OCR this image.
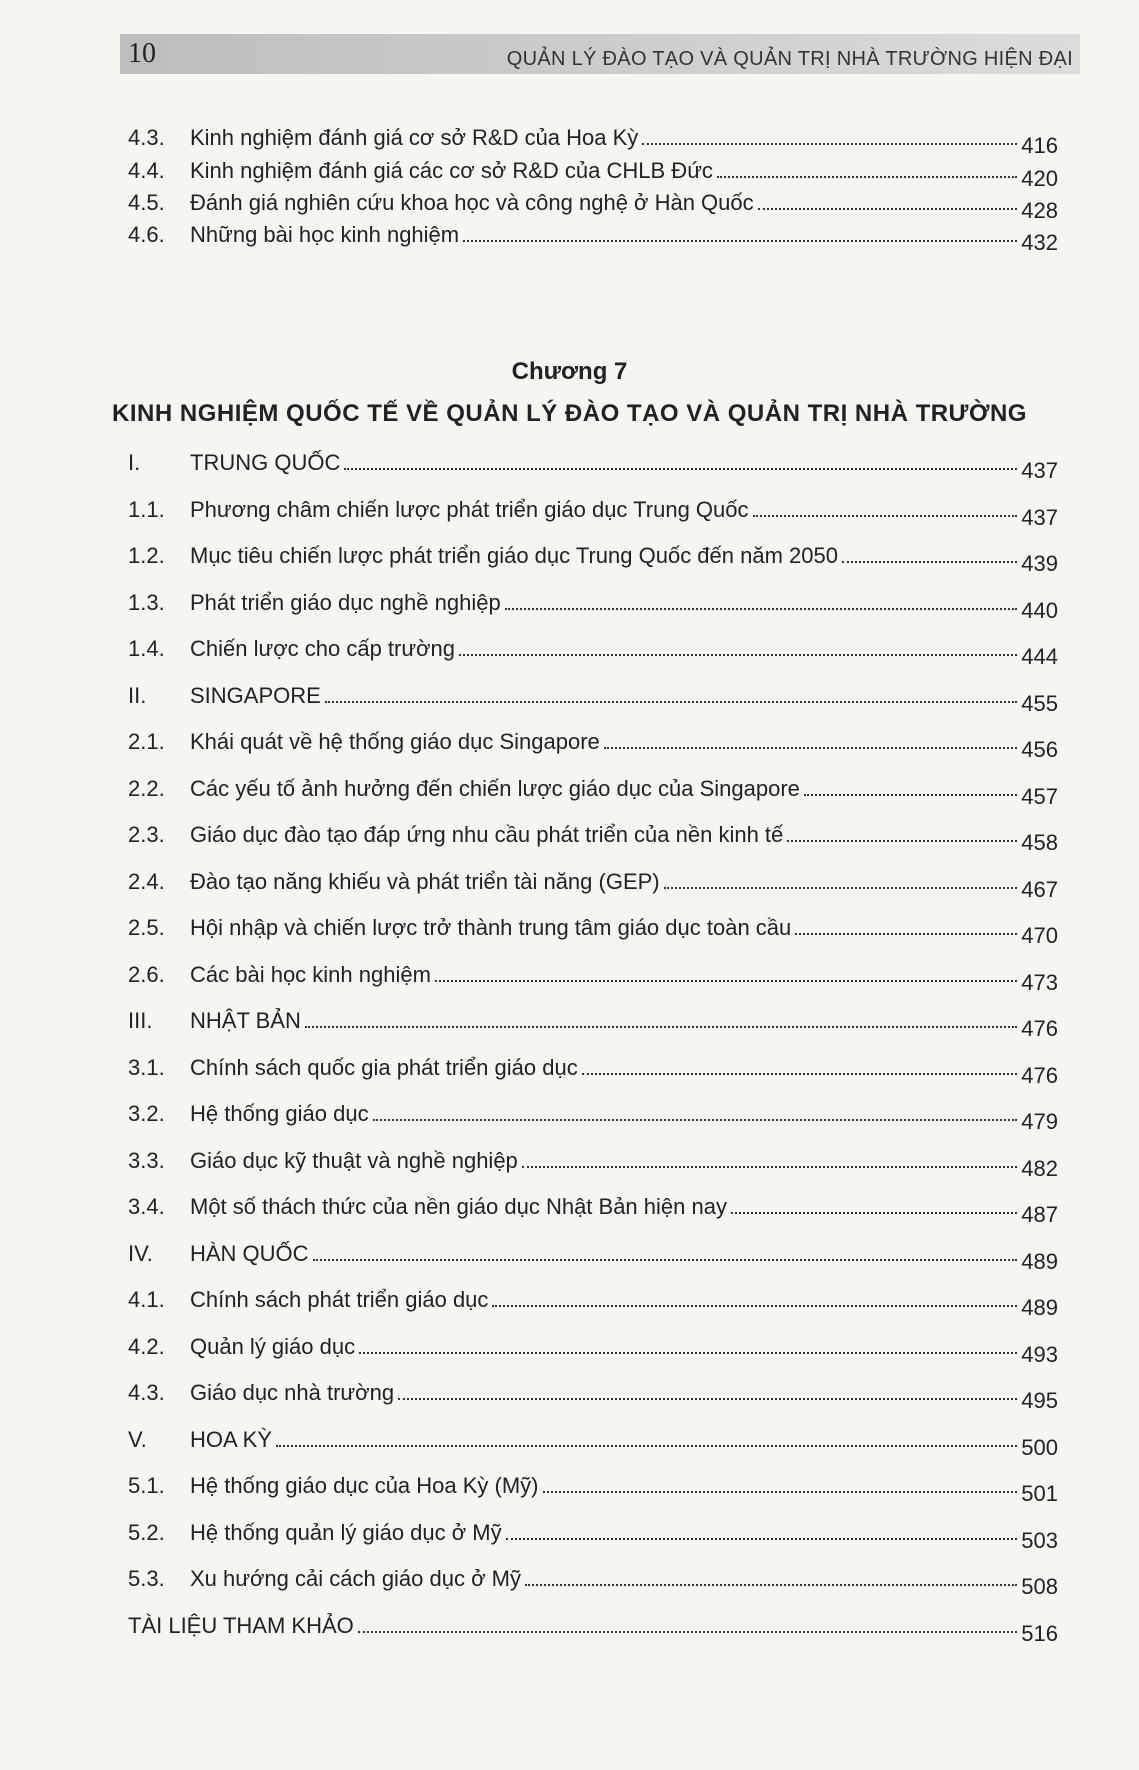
10	QUẢN LÝ ĐÀO TẠO VÀ QUẢN TRỊ NHÀ TRƯỜNG HIỆN ĐẠI
4.3.	Kinh nghiệm đánh giá cơ sở R&D của Hoa Kỳ	416
4.4.	Kinh nghiệm đánh giá các cơ sở R&D của CHLB Đức	420
4.5.	Đánh giá nghiên cứu khoa học và công nghệ ở Hàn Quốc	428
4.6.	Những bài học kinh nghiệm	432
I.	TRUNG QUỐC	437
1.1.	Phương châm chiến lược phát triển giáo dục Trung Quốc	437
1.2.	Mục tiêu chiến lược phát triển giáo dục Trung Quốc đến năm 2050	439
1.3.	Phát triển giáo dục nghề nghiệp	440
1.4.	Chiến lược cho cấp trường	444
II.	SINGAPORE	455
2.1.	Khái quát về hệ thống giáo dục Singapore	456
2.2.	Các yếu tố ảnh hưởng đến chiến lược giáo dục của Singapore	457
2.3.	Giáo dục đào tạo đáp ứng nhu cầu phát triển của nền kinh tế	458
2.4.	Đào tạo năng khiếu và phát triển tài năng (GEP)	467
2.5.	Hội nhập và chiến lược trở thành trung tâm giáo dục toàn cầu	470
2.6.	Các bài học kinh nghiệm	473
III.	NHẬT BẢN	476
3.1.	Chính sách quốc gia phát triển giáo dục	476
3.2.	Hệ thống giáo dục	479
3.3.	Giáo dục kỹ thuật và nghề nghiệp	482
3.4.	Một số thách thức của nền giáo dục Nhật Bản hiện nay	487
IV.	HÀN QUỐC	489
4.1.	Chính sách phát triển giáo dục	489
4.2.	Quản lý giáo dục	493
4.3.	Giáo dục nhà trường	495
V.	HOA KỲ	500
5.1.	Hệ thống giáo dục của Hoa Kỳ (Mỹ)	501
5.2.	Hệ thống quản lý giáo dục ở Mỹ	503
5.3.	Xu hướng cải cách giáo dục ở Mỹ	508
TÀI LIỆU THAM KHẢO	516
Chương 7
KINH NGHIỆM QUỐC TẾ VỀ QUẢN LÝ ĐÀO TẠO VÀ QUẢN TRỊ NHÀ TRƯỜNG
